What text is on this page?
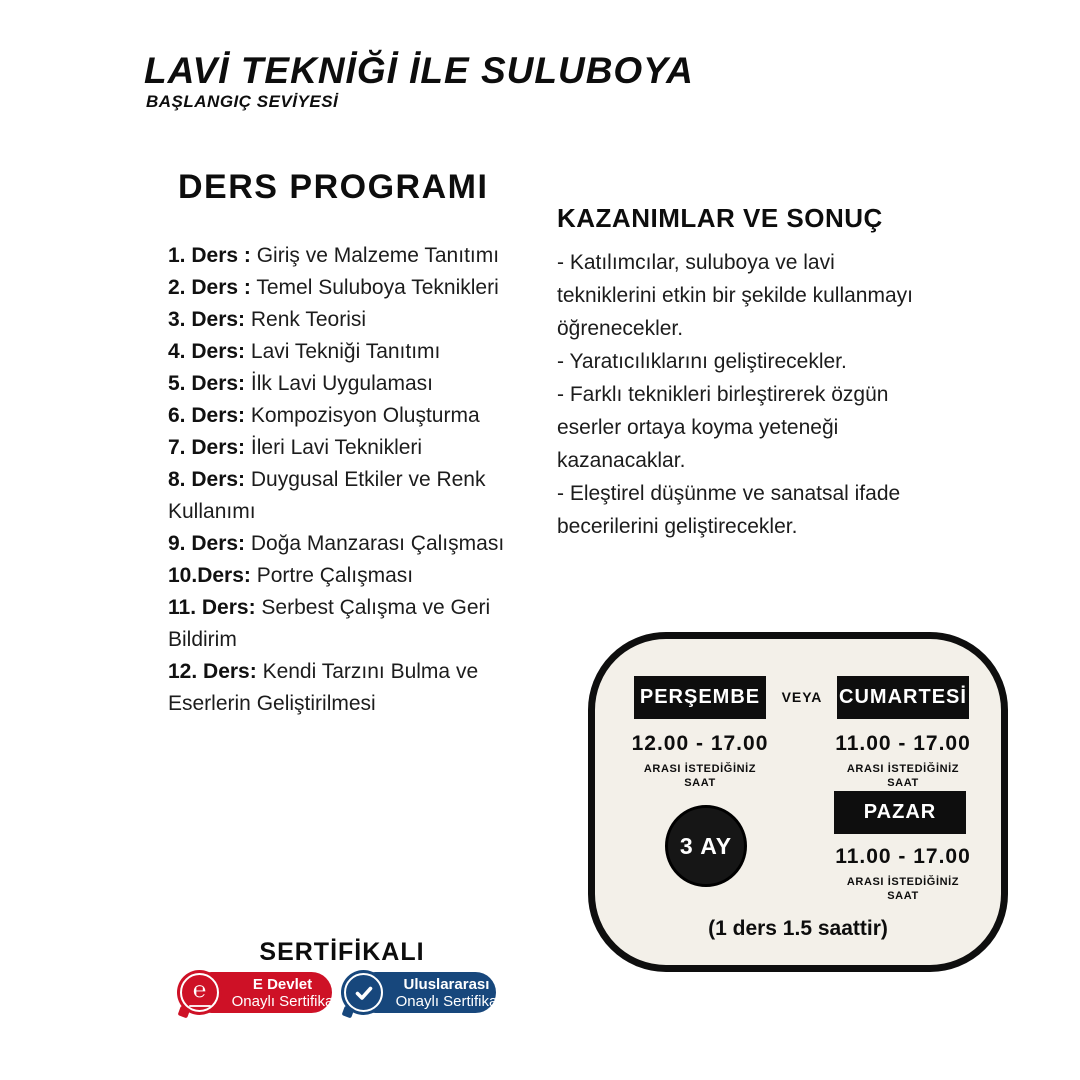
LAVİ TEKNİĞİ İLE SULUBOYA
BAŞLANGIÇ SEVİYESİ
DERS PROGRAMI

1. Ders : Giriş ve Malzeme Tanıtımı

2. Ders : Temel Suluboya Teknikleri

3. Ders: Renk Teorisi

4. Ders: Lavi Tekniği Tanıtımı

5. Ders: İlk Lavi Uygulaması

6. Ders: Kompozisyon Oluşturma

7. Ders: İleri Lavi Teknikleri

8. Ders: Duygusal Etkiler ve Renk Kullanımı

9. Ders: Doğa Manzarası Çalışması

10.Ders: Portre Çalışması

11. Ders: Serbest Çalışma ve Geri Bildirim

12. Ders: Kendi Tarzını Bulma ve Eserlerin Geliştirilmesi

KAZANIMLAR VE SONUÇ

- Katılımcılar, suluboya ve lavi tekniklerini etkin bir şekilde kullanmayı öğrenecekler.

- Yaratıcılıklarını geliştirecekler.

- Farklı teknikleri birleştirerek özgün eserler ortaya koyma yeteneği kazanacaklar.

- Eleştirel düşünme ve sanatsal ifade becerilerini geliştirecekler.

PERŞEMBE	VEYA CUMARTESİ
12.00 - 17.00	11.00 - 17.00
ARASI İSTEDİĞİNİZ
SAAT
ARASI İSTEDİĞİNİZ
SAAT
PAZAR
11.00 - 17.00
ARASI İSTEDİĞİNİZ
SAAT
3 AY
(1 ders 1.5 saattir)
SERTİFİKALI
E Devlet
Onaylı Sertifika
℮	Uluslararası
Onaylı Sertifika
